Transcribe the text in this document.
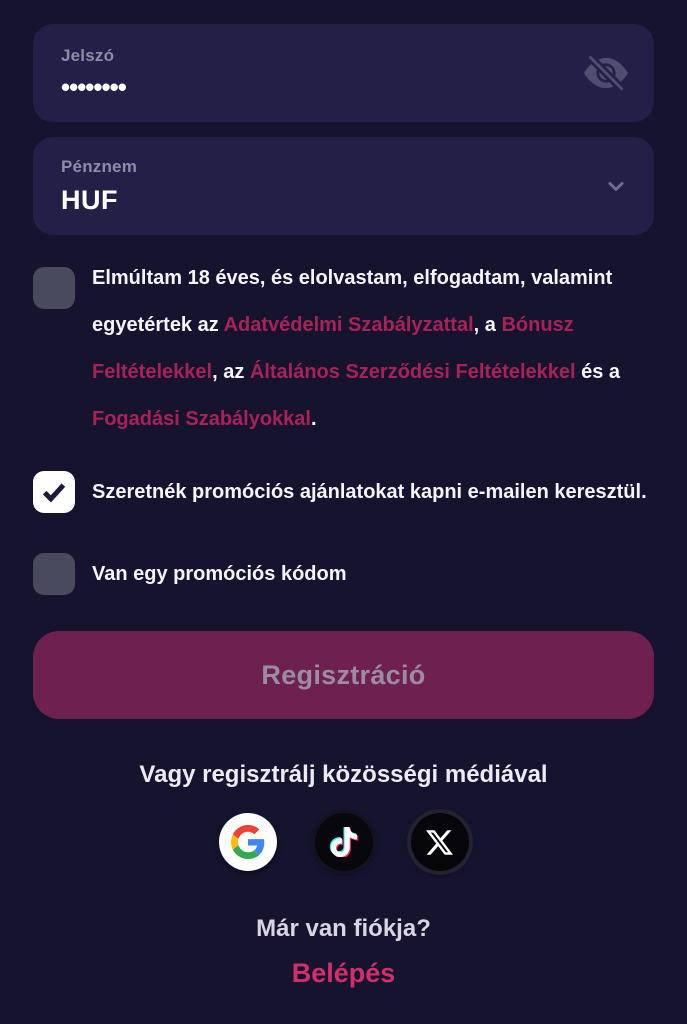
Jelszó
••••••••
Pénznem
HUF
Elmúltam 18 éves, és elolvastam, elfogadtam, valamint egyetértek az Adatvédelmi Szabályzattal, a Bónusz Feltételekkel, az Általános Szerződési Feltételekkel és a Fogadási Szabályokkal.
Szeretnék promóciós ajánlatokat kapni e-mailen keresztül.
Van egy promóciós kódom
Regisztráció
Vagy regisztrálj közösségi médiával
Már van fiókja?
Belépés
